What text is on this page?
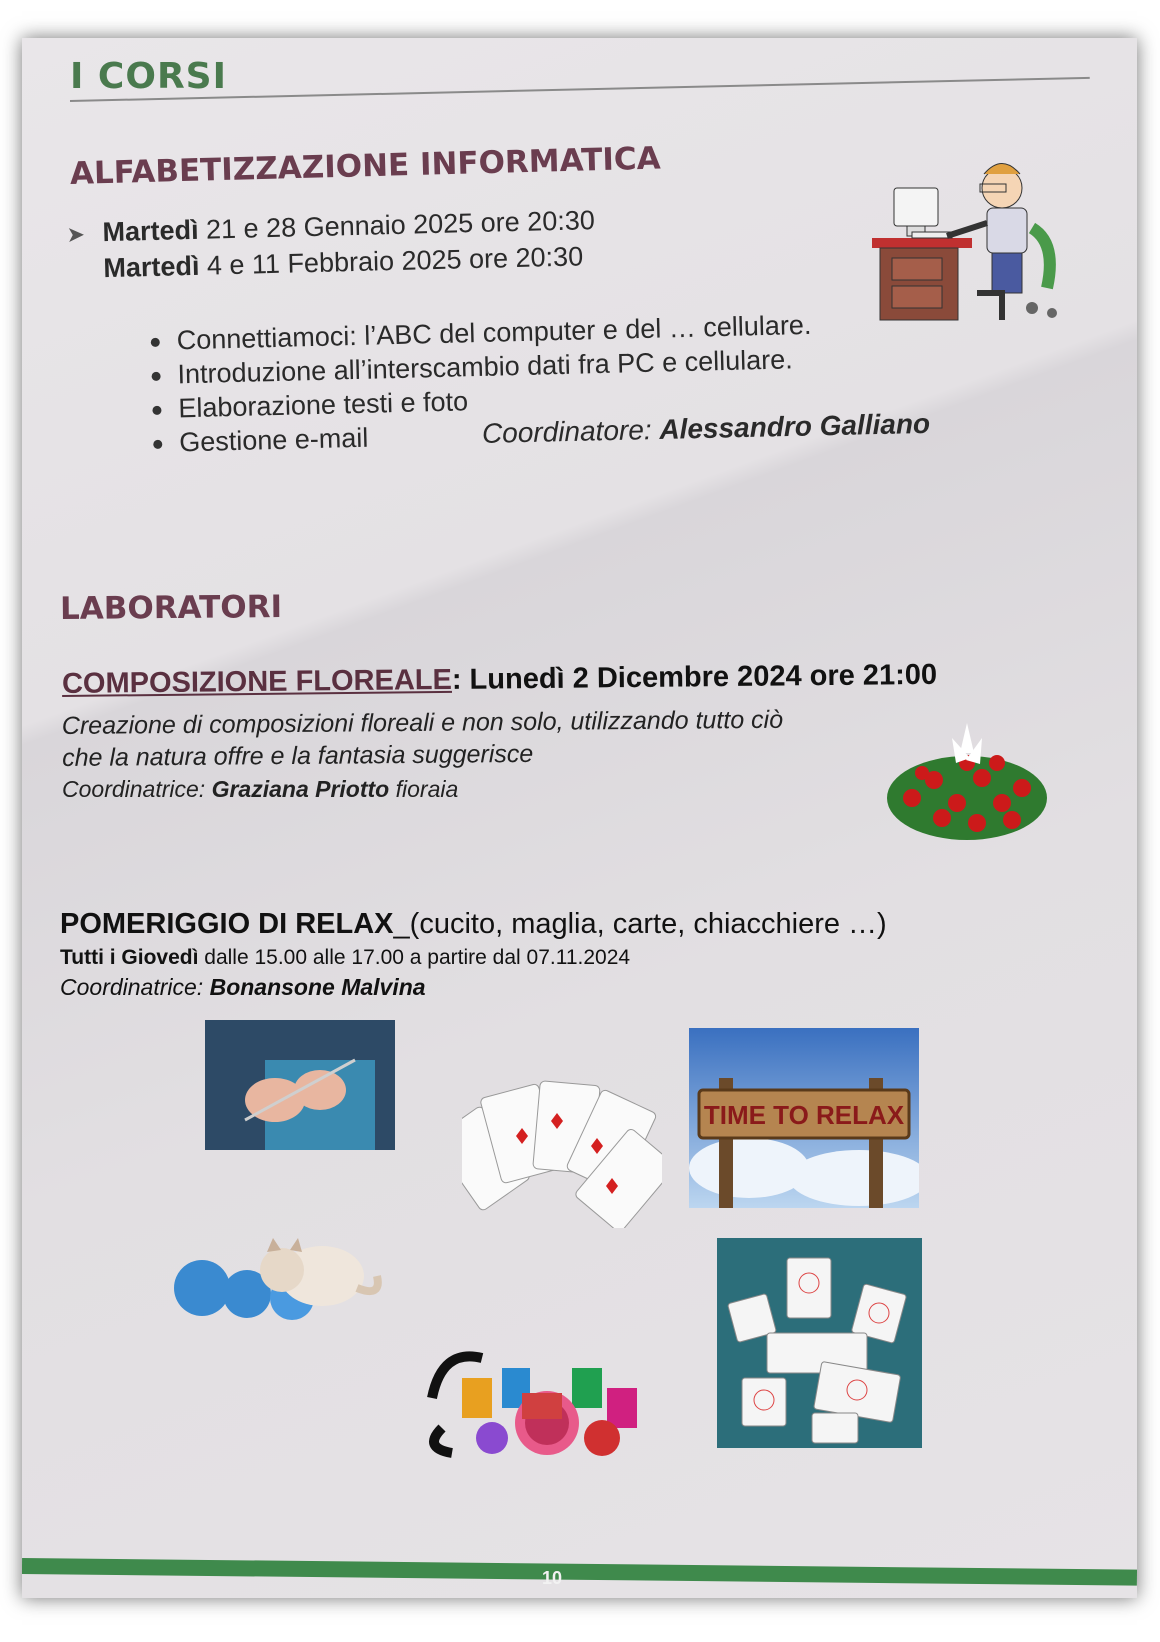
I CORSI
ALFABETIZZAZIONE INFORMATICA
➤ Martedì 21 e 28 Gennaio 2025 ore 20:30
Martedì 4 e 11 Febbraio 2025 ore 20:30
Connettiamoci: l’ABC del computer e del … cellulare.
Introduzione all’interscambio dati fra PC e cellulare.
Elaborazione testi e foto
Gestione e-mail	Coordinatore: Alessandro Galliano
LABORATORI
COMPOSIZIONE FLOREALE: Lunedì 2 Dicembre 2024 ore 21:00
Creazione di composizioni floreali e non solo, utilizzando tutto ciò
che la natura offre e la fantasia suggerisce
Coordinatrice: Graziana Priotto fioraia
POMERIGGIO DI RELAX_(cucito, maglia, carte, chiacchiere …)
Tutti i Giovedì dalle 15.00 alle 17.00 a partire dal 07.11.2024
Coordinatrice: Bonansone Malvina
TIME TO RELAX
10
